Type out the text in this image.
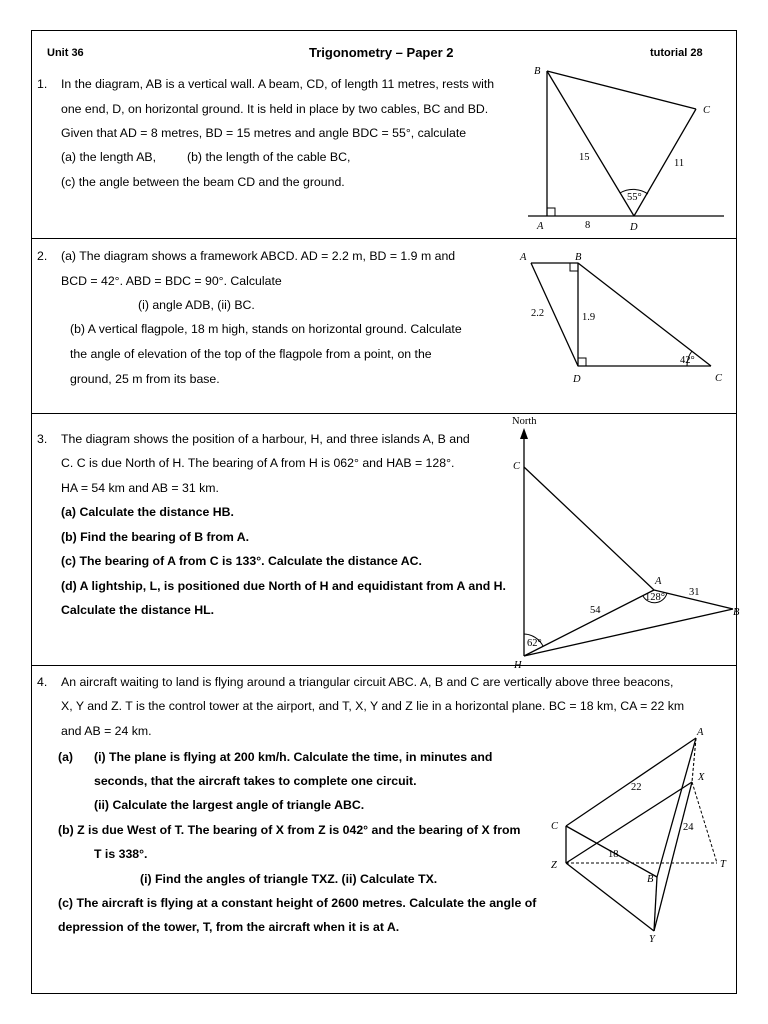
Unit 36	Trigonometry – Paper 2	tutorial 28
1. In the diagram, AB is a vertical wall. A beam, CD, of length 11 metres, rests with
one end, D, on horizontal ground. It is held in place by two cables, BC and BD.
Given that AD = 8 metres, BD = 15 metres and angle BDC = 55°, calculate
(a) the length AB,	(b) the length of the cable BC,
(c) the angle between the beam CD and the ground.
B
C
A	D
15
11
8
55°
2. (a) The diagram shows a framework ABCD. AD = 2.2 m, BD = 1.9 m and
BCD = 42°. ABD = BDC = 90°. Calculate
(i) angle ADB, (ii) BC.
(b) A vertical flagpole, 18 m high, stands on horizontal ground. Calculate
the angle of elevation of the top of the flagpole from a point, on the
ground, 25 m from its base.
A	B
C
D
2.2	1.9
42°
3. The diagram shows the position of a harbour, H, and three islands A, B and
C. C is due North of H. The bearing of A from H is 062° and HAB = 128°.
HA = 54 km and AB = 31 km.
(a) Calculate the distance HB.
(b) Find the bearing of B from A.
(c) The bearing of A from C is 133°. Calculate the distance AC.
(d) A lightship, L, is positioned due North of H and equidistant from A and H.
Calculate the distance HL.
North
C
A
B
H
54
31
128°
62°
4. An aircraft waiting to land is flying around a triangular circuit ABC. A, B and C are vertically above three beacons,
X, Y and Z. T is the control tower at the airport, and T, X, Y and Z lie in a horizontal plane. BC = 18 km, CA = 22 km
and AB = 24 km.
(a) (i) The plane is flying at 200 km/h. Calculate the time, in minutes and
seconds, that the aircraft takes to complete one circuit.
(ii) Calculate the largest angle of triangle ABC.
(b) Z is due West of T. The bearing of X from Z is 042° and the bearing of X from
T is 338°.
(i) Find the angles of triangle TXZ. (ii) Calculate TX.
(c) The aircraft is flying at a constant height of 2600 metres. Calculate the angle of
depression of the tower, T, from the aircraft when it is at A.
A
X
C
Z	T
B
Y
22
24
18
